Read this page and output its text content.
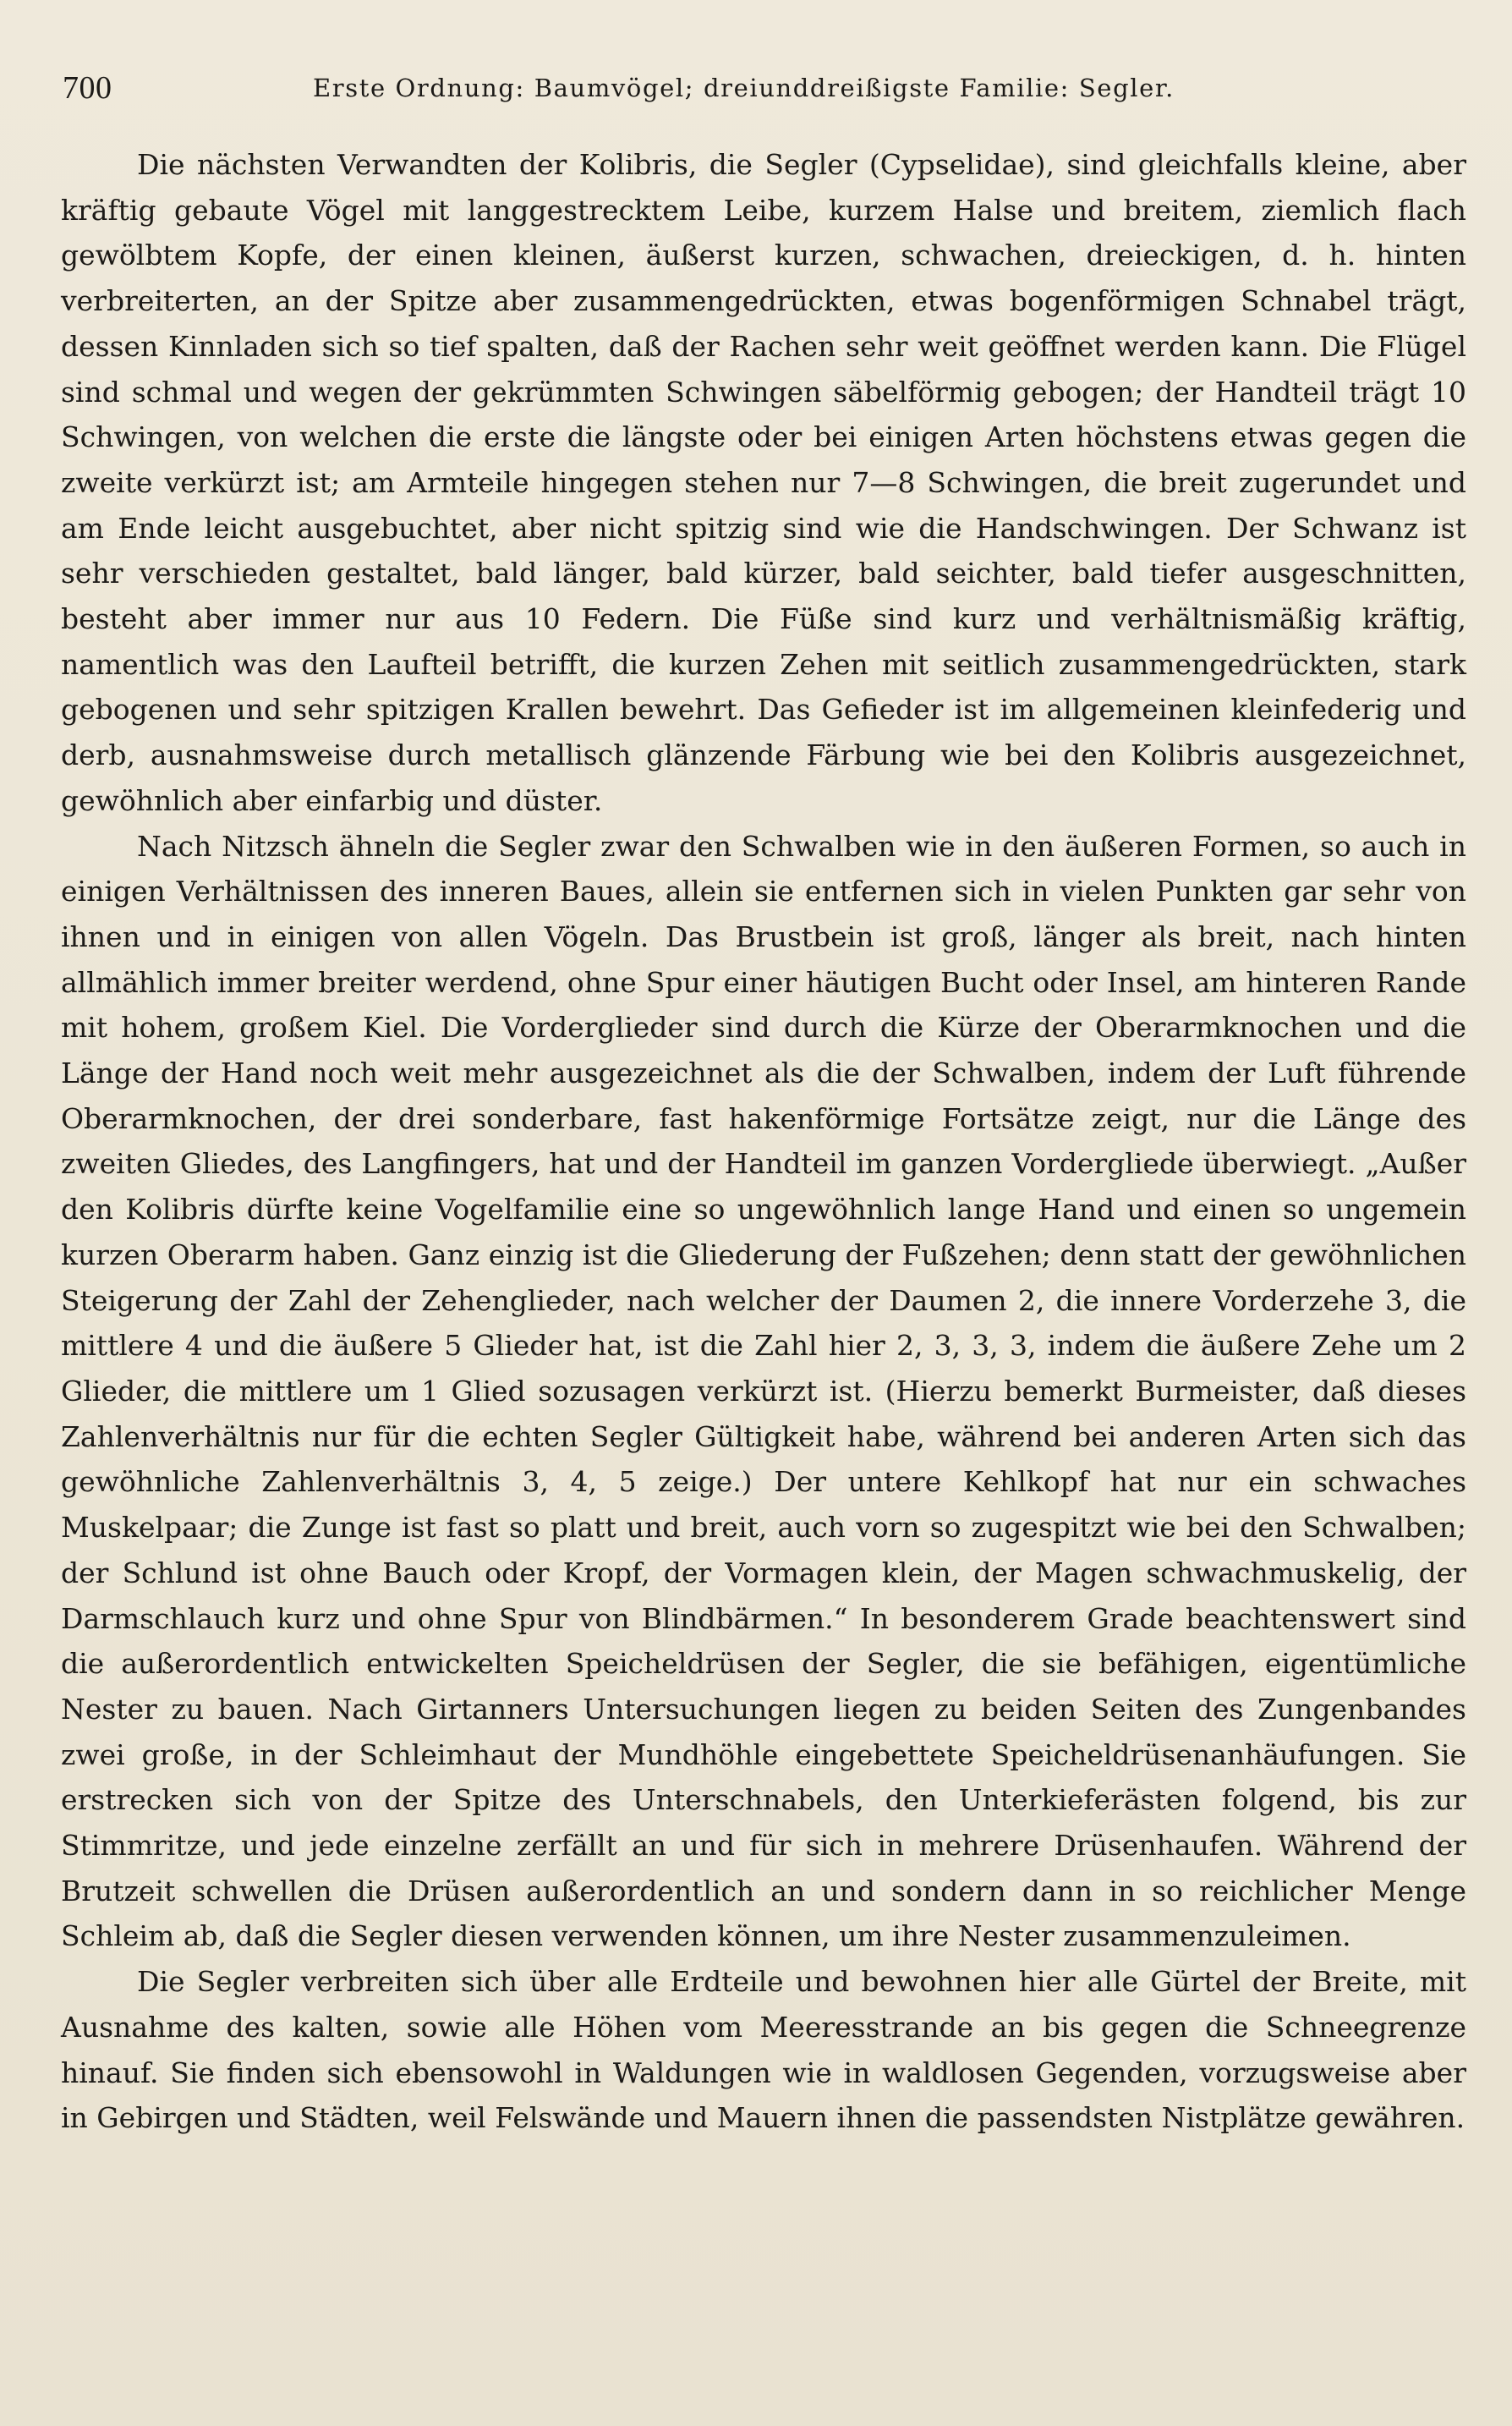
700	Erste Ordnung: Baumvögel; dreiunddreißigste Familie: Segler.

Die nächsten Verwandten der Kolibris, die Segler (Cypselidae), sind gleichfalls kleine, aber kräftig gebaute Vögel mit langgestrecktem Leibe, kurzem Halse und breitem, ziemlich flach gewölbtem Kopfe, der einen kleinen, äußerst kurzen, schwachen, dreieckigen, d. h. hinten verbreiterten, an der Spitze aber zusammengedrückten, etwas bogenförmigen Schnabel trägt, dessen Kinnladen sich so tief spalten, daß der Rachen sehr weit geöffnet werden kann. Die Flügel sind schmal und wegen der gekrümmten Schwingen säbelförmig gebogen; der Handteil trägt 10 Schwingen, von welchen die erste die längste oder bei einigen Arten höchstens etwas gegen die zweite verkürzt ist; am Armteile hingegen stehen nur 7—8 Schwingen, die breit zugerundet und am Ende leicht ausgebuchtet, aber nicht spitzig sind wie die Handschwingen. Der Schwanz ist sehr verschieden gestaltet, bald länger, bald kürzer, bald seichter, bald tiefer ausgeschnitten, besteht aber immer nur aus 10 Federn. Die Füße sind kurz und verhältnismäßig kräftig, namentlich was den Laufteil betrifft, die kurzen Zehen mit seitlich zusammengedrückten, stark gebogenen und sehr spitzigen Krallen bewehrt. Das Gefieder ist im allgemeinen kleinfederig und derb, ausnahmsweise durch metallisch glänzende Färbung wie bei den Kolibris ausgezeichnet, gewöhnlich aber einfarbig und düster.

Nach Nitzsch ähneln die Segler zwar den Schwalben wie in den äußeren Formen, so auch in einigen Verhältnissen des inneren Baues, allein sie entfernen sich in vielen Punkten gar sehr von ihnen und in einigen von allen Vögeln. Das Brustbein ist groß, länger als breit, nach hinten allmählich immer breiter werdend, ohne Spur einer häutigen Bucht oder Insel, am hinteren Rande mit hohem, großem Kiel. Die Vorderglieder sind durch die Kürze der Oberarmknochen und die Länge der Hand noch weit mehr ausgezeichnet als die der Schwalben, indem der Luft führende Oberarmknochen, der drei sonderbare, fast hakenförmige Fortsätze zeigt, nur die Länge des zweiten Gliedes, des Langfingers, hat und der Handteil im ganzen Vordergliede überwiegt. „Außer den Kolibris dürfte keine Vogelfamilie eine so ungewöhnlich lange Hand und einen so ungemein kurzen Oberarm haben. Ganz einzig ist die Gliederung der Fußzehen; denn statt der gewöhnlichen Steigerung der Zahl der Zehenglieder, nach welcher der Daumen 2, die innere Vorderzehe 3, die mittlere 4 und die äußere 5 Glieder hat, ist die Zahl hier 2, 3, 3, 3, indem die äußere Zehe um 2 Glieder, die mittlere um 1 Glied sozusagen verkürzt ist. (Hierzu bemerkt Burmeister, daß dieses Zahlenverhältnis nur für die echten Segler Gültigkeit habe, während bei anderen Arten sich das gewöhnliche Zahlenverhältnis 3, 4, 5 zeige.) Der untere Kehlkopf hat nur ein schwaches Muskelpaar; die Zunge ist fast so platt und breit, auch vorn so zugespitzt wie bei den Schwalben; der Schlund ist ohne Bauch oder Kropf, der Vormagen klein, der Magen schwachmuskelig, der Darmschlauch kurz und ohne Spur von Blindbärmen.“ In besonderem Grade beachtenswert sind die außerordentlich entwickelten Speicheldrüsen der Segler, die sie befähigen, eigentümliche Nester zu bauen. Nach Girtanners Untersuchungen liegen zu beiden Seiten des Zungenbandes zwei große, in der Schleimhaut der Mundhöhle eingebettete Speicheldrüsenanhäufungen. Sie erstrecken sich von der Spitze des Unterschnabels, den Unterkieferästen folgend, bis zur Stimmritze, und jede einzelne zerfällt an und für sich in mehrere Drüsenhaufen. Während der Brutzeit schwellen die Drüsen außerordentlich an und sondern dann in so reichlicher Menge Schleim ab, daß die Segler diesen verwenden können, um ihre Nester zusammenzuleimen.

Die Segler verbreiten sich über alle Erdteile und bewohnen hier alle Gürtel der Breite, mit Ausnahme des kalten, sowie alle Höhen vom Meeresstrande an bis gegen die Schneegrenze hinauf. Sie finden sich ebensowohl in Waldungen wie in waldlosen Gegenden, vorzugsweise aber in Gebirgen und Städten, weil Felswände und Mauern ihnen die passendsten Nistplätze gewähren.
